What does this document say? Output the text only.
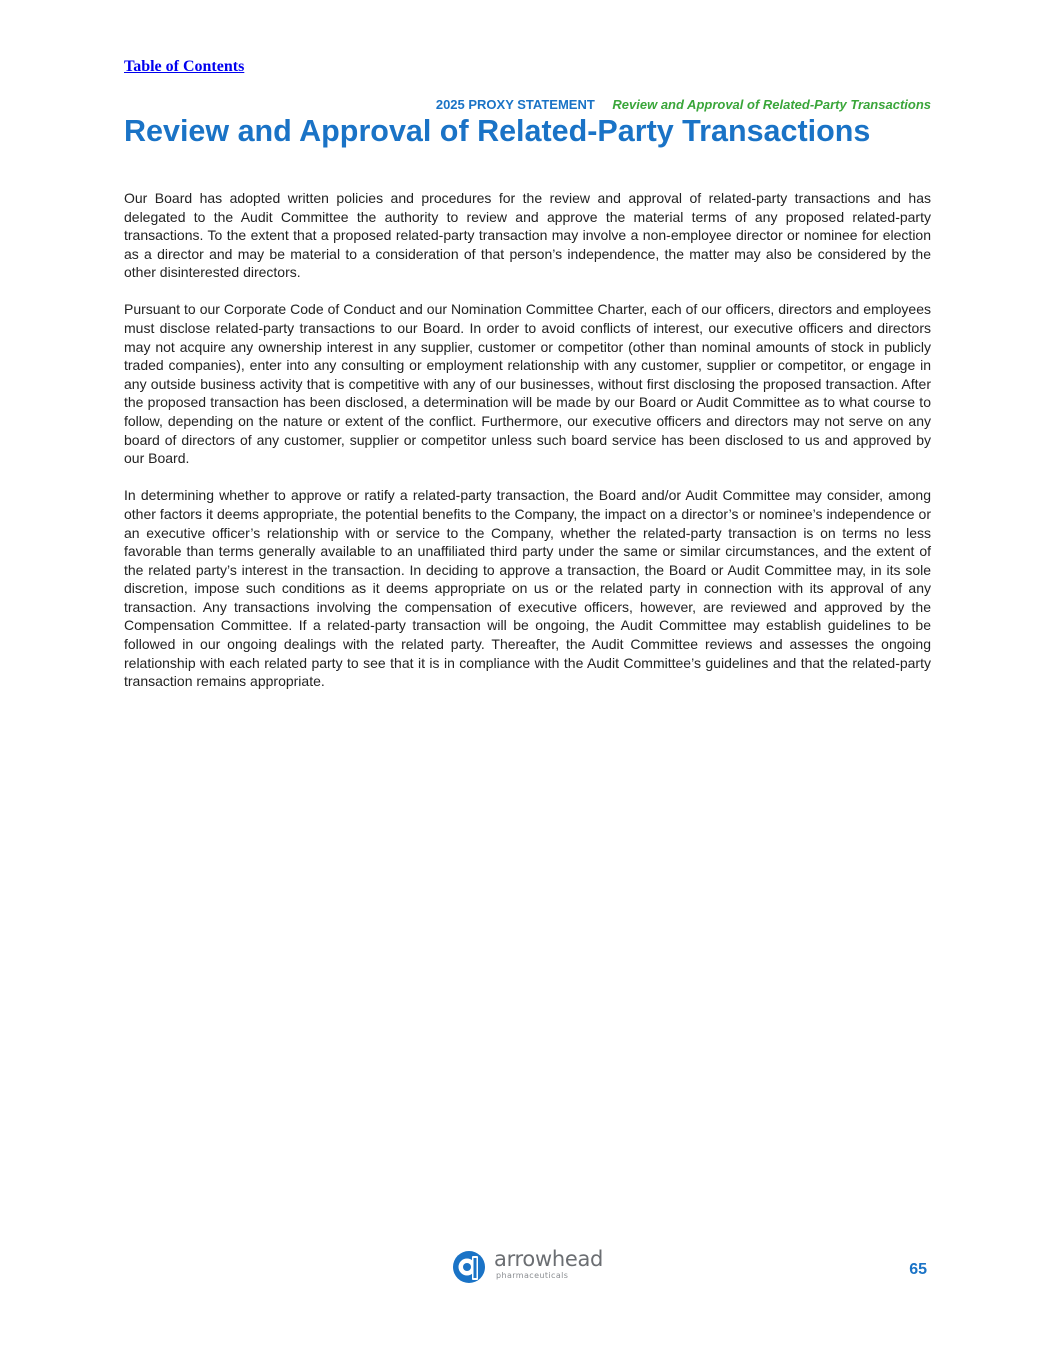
Table of Contents
2025 PROXY STATEMENT Review and Approval of Related-Party Transactions
Review and Approval of Related-Party Transactions

Our Board has adopted written policies and procedures for the review and approval of related-party transactions and has delegated to the Audit Committee the authority to review and approve the material terms of any proposed related-party transactions. To the extent that a proposed related-party transaction may involve a non-employee director or nominee for election as a director and may be material to a consideration of that person’s independence, the matter may also be considered by the other disinterested directors.

Pursuant to our Corporate Code of Conduct and our Nomination Committee Charter, each of our officers, directors and employees must disclose related-party transactions to our Board. In order to avoid conflicts of interest, our executive officers and directors may not acquire any ownership interest in any supplier, customer or competitor (other than nominal amounts of stock in publicly traded companies), enter into any consulting or employment relationship with any customer, supplier or competitor, or engage in any outside business activity that is competitive with any of our businesses, without first disclosing the proposed transaction. After the proposed transaction has been disclosed, a determination will be made by our Board or Audit Committee as to what course to follow, depending on the nature or extent of the conflict. Furthermore, our executive officers and directors may not serve on any board of directors of any customer, supplier or competitor unless such board service has been disclosed to us and approved by our Board.

In determining whether to approve or ratify a related-party transaction, the Board and/or Audit Committee may consider, among other factors it deems appropriate, the potential benefits to the Company, the impact on a director’s or nominee’s independence or an executive officer’s relationship with or service to the Company, whether the related-party transaction is on terms no less favorable than terms generally available to an unaffiliated third party under the same or similar circumstances, and the extent of the related party’s interest in the transaction. In deciding to approve a transaction, the Board or Audit Committee may, in its sole discretion, impose such conditions as it deems appropriate on us or the related party in connection with its approval of any transaction. Any transactions involving the compensation of executive officers, however, are reviewed and approved by the Compensation Committee. If a related-party transaction will be ongoing, the Audit Committee may establish guidelines to be followed in our ongoing dealings with the related party. Thereafter, the Audit Committee reviews and assesses the ongoing relationship with each related party to see that it is in compliance with the Audit Committee’s guidelines and that the related-party transaction remains appropriate.

arrowhead
pharmaceuticals	65
